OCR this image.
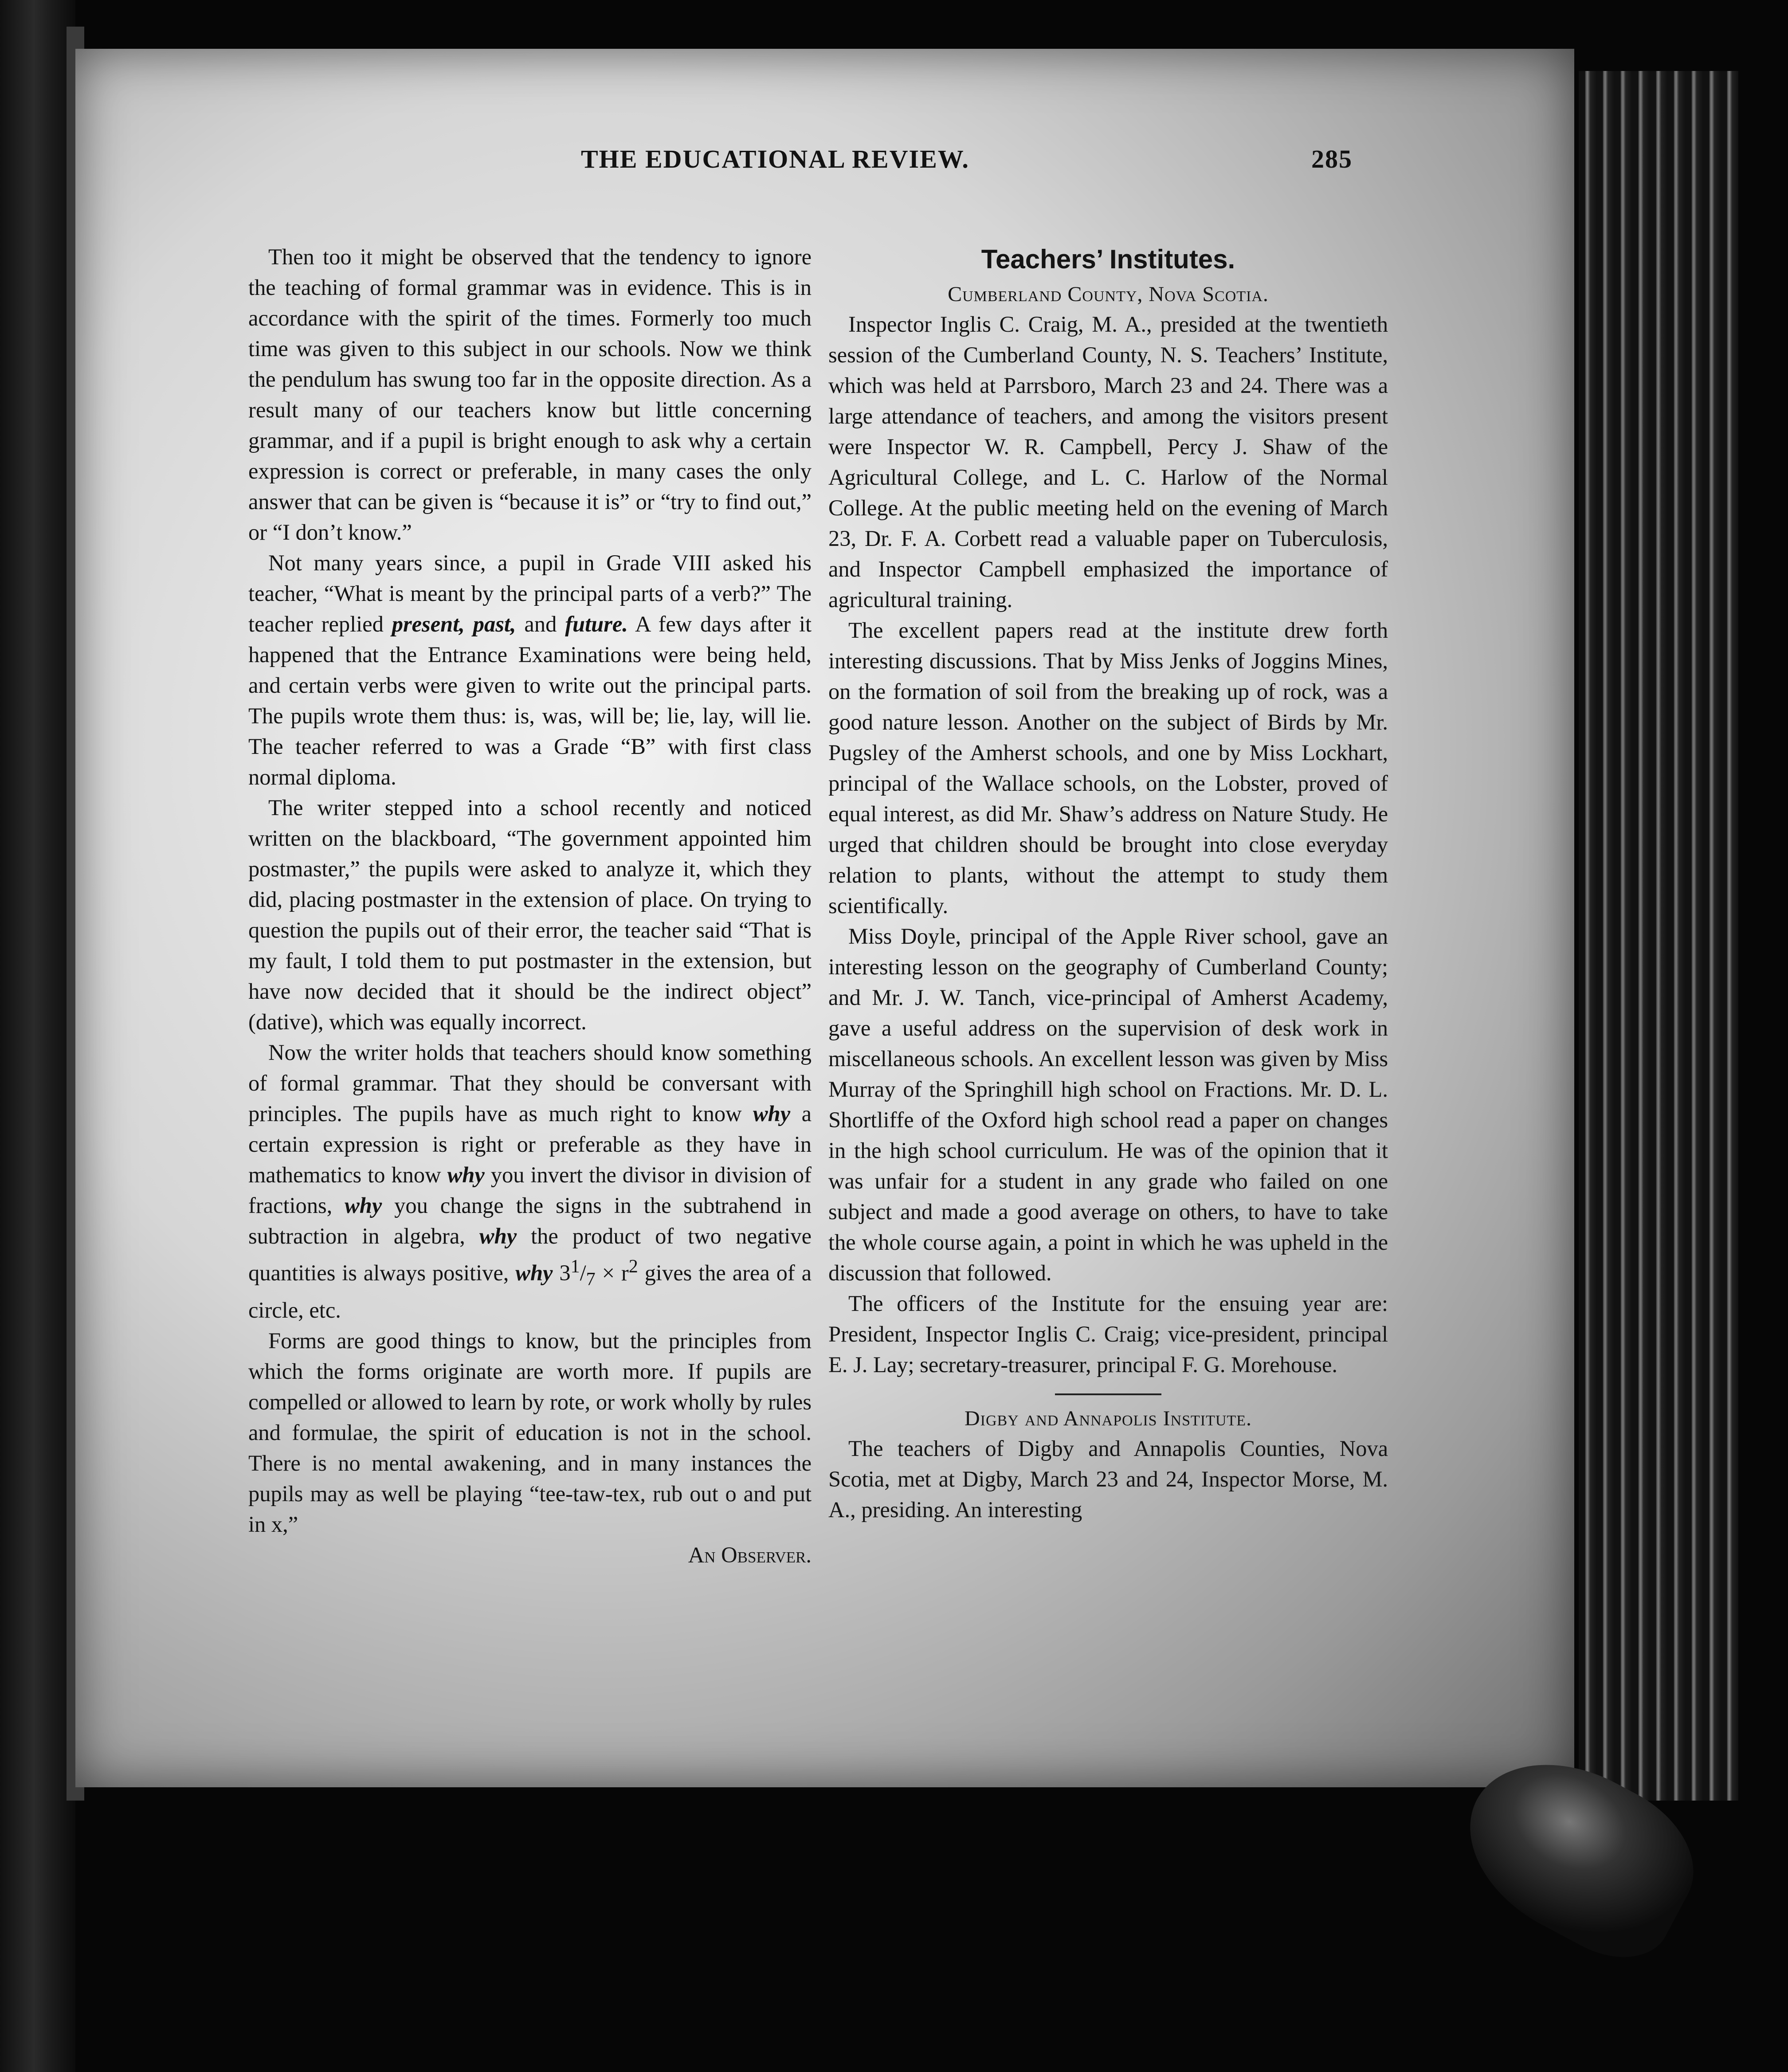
THE EDUCATIONAL REVIEW.	285

Then too it might be observed that the tendency to ignore the teaching of formal grammar was in evidence. This is in accordance with the spirit of the times. Formerly too much time was given to this subject in our schools. Now we think the pendulum has swung too far in the opposite direction. As a result many of our teachers know but little concerning grammar, and if a pupil is bright enough to ask why a certain expression is correct or preferable, in many cases the only answer that can be given is “because it is” or “try to find out,” or “I don’t know.”

Not many years since, a pupil in Grade VIII asked his teacher, “What is meant by the principal parts of a verb?” The teacher replied present, past, and future. A few days after it happened that the Entrance Examinations were being held, and certain verbs were given to write out the principal parts. The pupils wrote them thus: is, was, will be; lie, lay, will lie. The teacher referred to was a Grade “B” with first class normal diploma.

The writer stepped into a school recently and noticed written on the blackboard, “The government appointed him postmaster,” the pupils were asked to analyze it, which they did, placing postmaster in the extension of place. On trying to question the pupils out of their error, the teacher said “That is my fault, I told them to put postmaster in the extension, but have now decided that it should be the indirect object” (dative), which was equally incorrect.

Now the writer holds that teachers should know something of formal grammar. That they should be conversant with principles. The pupils have as much right to know why a certain expression is right or preferable as they have in mathematics to know why you invert the divisor in division of fractions, why you change the signs in the subtrahend in subtraction in algebra, why the product of two negative quantities is always positive, why $3^1/_7 \times r^2$ gives the area of a circle, etc.

Forms are good things to know, but the principles from which the forms originate are worth more. If pupils are compelled or allowed to learn by rote, or work wholly by rules and formulae, the spirit of education is not in the school. There is no mental awakening, and in many instances the pupils may as well be playing “tee-taw-tex, rub out o and put in x,”
An Observer.

Teachers’ Institutes.
Cumberland County, Nova Scotia.

Inspector Inglis C. Craig, M. A., presided at the twentieth session of the Cumberland County, N. S. Teachers’ Institute, which was held at Parrsboro, March 23 and 24. There was a large attendance of teachers, and among the visitors present were Inspector W. R. Campbell, Percy J. Shaw of the Agricultural College, and L. C. Harlow of the Normal College. At the public meeting held on the evening of March 23, Dr. F. A. Corbett read a valuable paper on Tuberculosis, and Inspector Campbell emphasized the importance of agricultural training.

The excellent papers read at the institute drew forth interesting discussions. That by Miss Jenks of Joggins Mines, on the formation of soil from the breaking up of rock, was a good nature lesson. Another on the subject of Birds by Mr. Pugsley of the Amherst schools, and one by Miss Lockhart, principal of the Wallace schools, on the Lobster, proved of equal interest, as did Mr. Shaw’s address on Nature Study. He urged that children should be brought into close everyday relation to plants, without the attempt to study them scientifically.

Miss Doyle, principal of the Apple River school, gave an interesting lesson on the geography of Cumberland County; and Mr. J. W. Tanch, vice-principal of Amherst Academy, gave a useful address on the supervision of desk work in miscellaneous schools. An excellent lesson was given by Miss Murray of the Springhill high school on Fractions. Mr. D. L. Shortliffe of the Oxford high school read a paper on changes in the high school curriculum. He was of the opinion that it was unfair for a student in any grade who failed on one subject and made a good average on others, to have to take the whole course again, a point in which he was upheld in the discussion that followed.

The officers of the Institute for the ensuing year are: President, Inspector Inglis C. Craig; vice-president, principal E. J. Lay; secretary-treasurer, principal F. G. Morehouse.

Digby and Annapolis Institute.

The teachers of Digby and Annapolis Counties, Nova Scotia, met at Digby, March 23 and 24, Inspector Morse, M. A., presiding. An interesting
